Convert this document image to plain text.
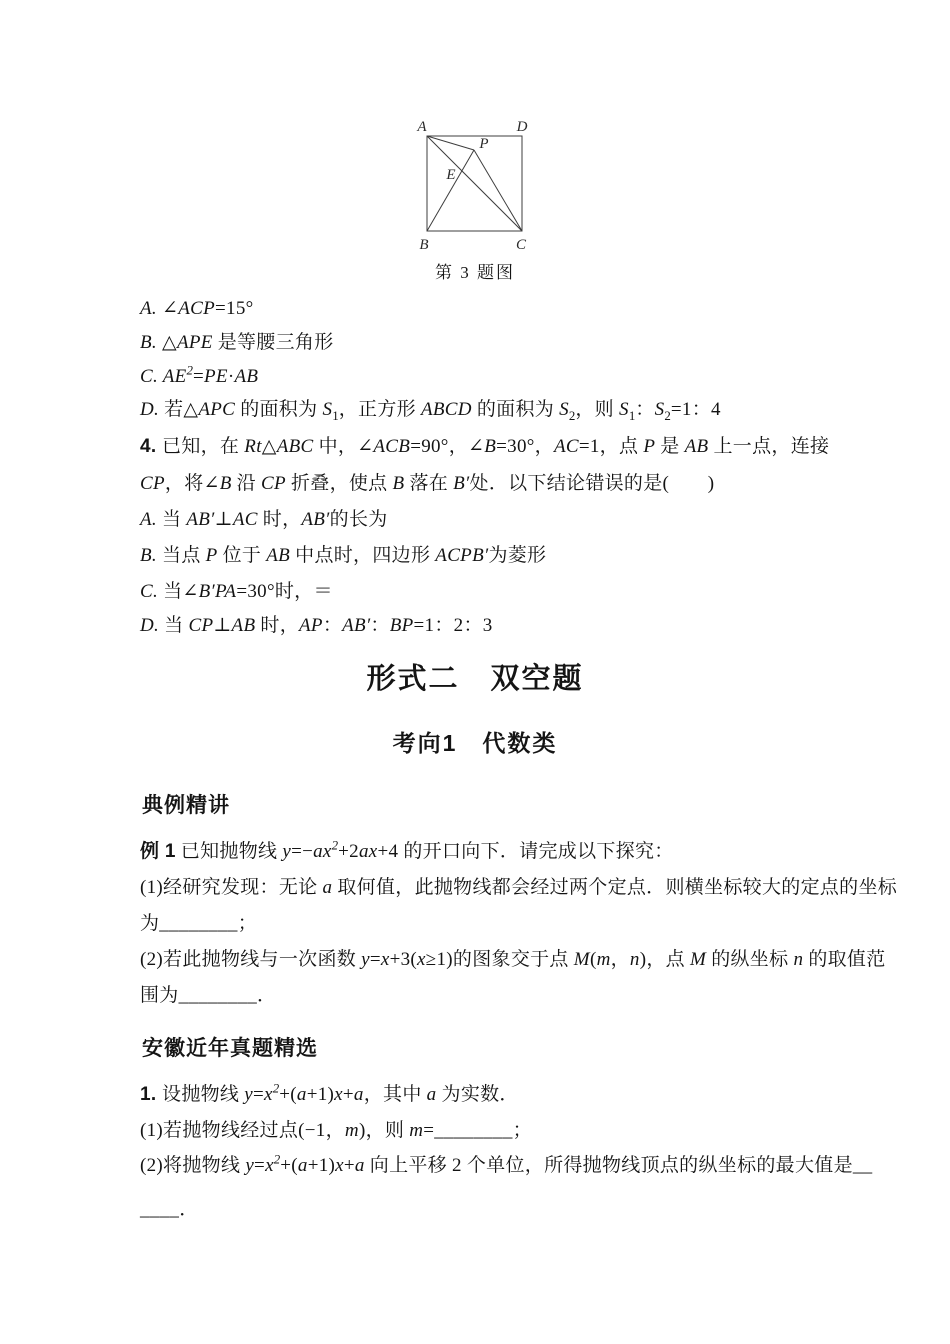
A	D
B	C
P
E
第 3 题图
A. ∠ACP=15°
B. △APE 是等腰三角形
C. $AE^2=PE\cdot AB$
D. 若△APC 的面积为 $S_1$，正方形 ABCD 的面积为 $S_2$，则 $S_1$：$S_2=1$：4
4. 已知，在 Rt△ABC 中，∠ACB=90°，∠B=30°，AC=1，点 P 是 AB 上一点，连接
CP，将∠B 沿 CP 折叠，使点 B 落在 B′处．以下结论错误的是(　　)
A. 当 AB′⊥AC 时，AB′的长为
B. 当点 P 位于 AB 中点时，四边形 ACPB′为菱形
C. 当∠B′PA=30°时，＝
D. 当 CP⊥AB 时，AP：AB′：BP=1：2：3
形式二　双空题
考向1　代数类
典例精讲
例 1 已知抛物线 $y=-ax^2+2ax+4$ 的开口向下．请完成以下探究：
(1)经研究发现：无论 a 取何值，此抛物线都会经过两个定点．则横坐标较大的定点的坐标
为________；
(2)若此抛物线与一次函数 y=x+3(x≥1)的图象交于点 M(m，n)，点 M 的纵坐标 n 的取值范
围为________．
安徽近年真题精选
1. 设抛物线 $y=x^2+(a+1)x+a$，其中 a 为实数．
(1)若抛物线经过点(−1，m)，则 m=________；
(2)将抛物线 $y=x^2+(a+1)x+a$ 向上平移 2 个单位，所得抛物线顶点的纵坐标的最大值是__
____．
